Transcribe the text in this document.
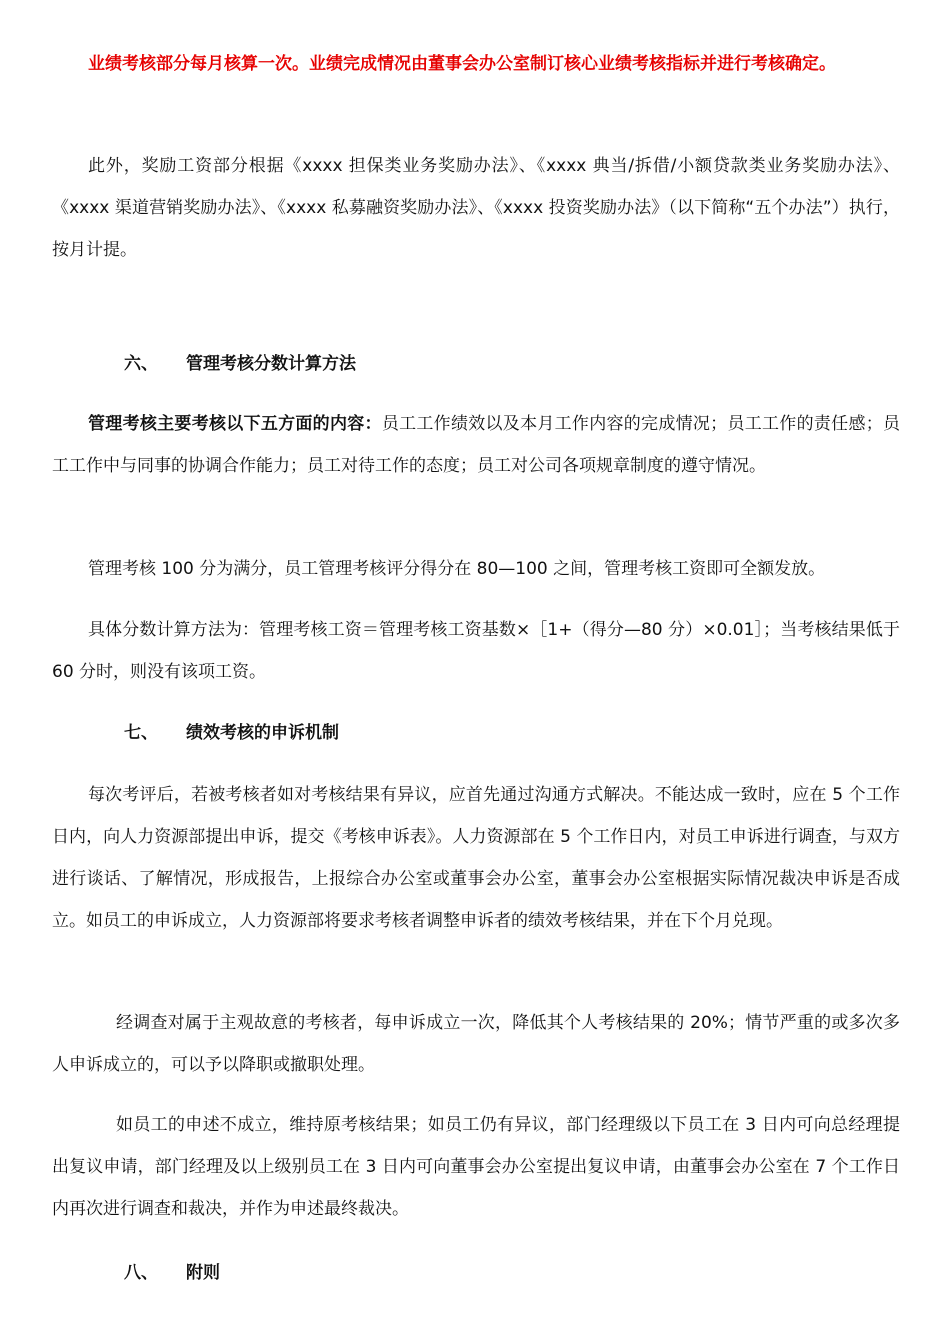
业绩考核部分每月核算一次。业绩完成情况由董事会办公室制订核心业绩考核指标并进行考核确定。

此外，奖励工资部分根据《xxxx 担保类业务奖励办法》、《xxxx 典当/拆借/小额贷款类业务奖励办法》、《xxxx 渠道营销奖励办法》、《xxxx 私募融资奖励办法》、《xxxx 投资奖励办法》（以下简称“五个办法”）执行，按月计提。

六、 管理考核分数计算方法

管理考核主要考核以下五方面的内容：员工工作绩效以及本月工作内容的完成情况；员工工作的责任感；员工工作中与同事的协调合作能力；员工对待工作的态度；员工对公司各项规章制度的遵守情况。

管理考核 100 分为满分，员工管理考核评分得分在 80—100 之间，管理考核工资即可全额发放。

具体分数计算方法为：管理考核工资＝管理考核工资基数×［1+（得分—80 分）×0.01］；当考核结果低于 60 分时，则没有该项工资。

七、 绩效考核的申诉机制

每次考评后，若被考核者如对考核结果有异议，应首先通过沟通方式解决。不能达成一致时，应在 5 个工作日内，向人力资源部提出申诉，提交《考核申诉表》。人力资源部在 5 个工作日内，对员工申诉进行调查，与双方进行谈话、了解情况，形成报告，上报综合办公室或董事会办公室，董事会办公室根据实际情况裁决申诉是否成立。如员工的申诉成立，人力资源部将要求考核者调整申诉者的绩效考核结果，并在下个月兑现。

经调查对属于主观故意的考核者，每申诉成立一次，降低其个人考核结果的 20%；情节严重的或多次多人申诉成立的，可以予以降职或撤职处理。

如员工的申述不成立，维持原考核结果；如员工仍有异议，部门经理级以下员工在 3 日内可向总经理提出复议申请，部门经理及以上级别员工在 3 日内可向董事会办公室提出复议申请，由董事会办公室在 7 个工作日内再次进行调查和裁决，并作为申述最终裁决。

八、 附则
